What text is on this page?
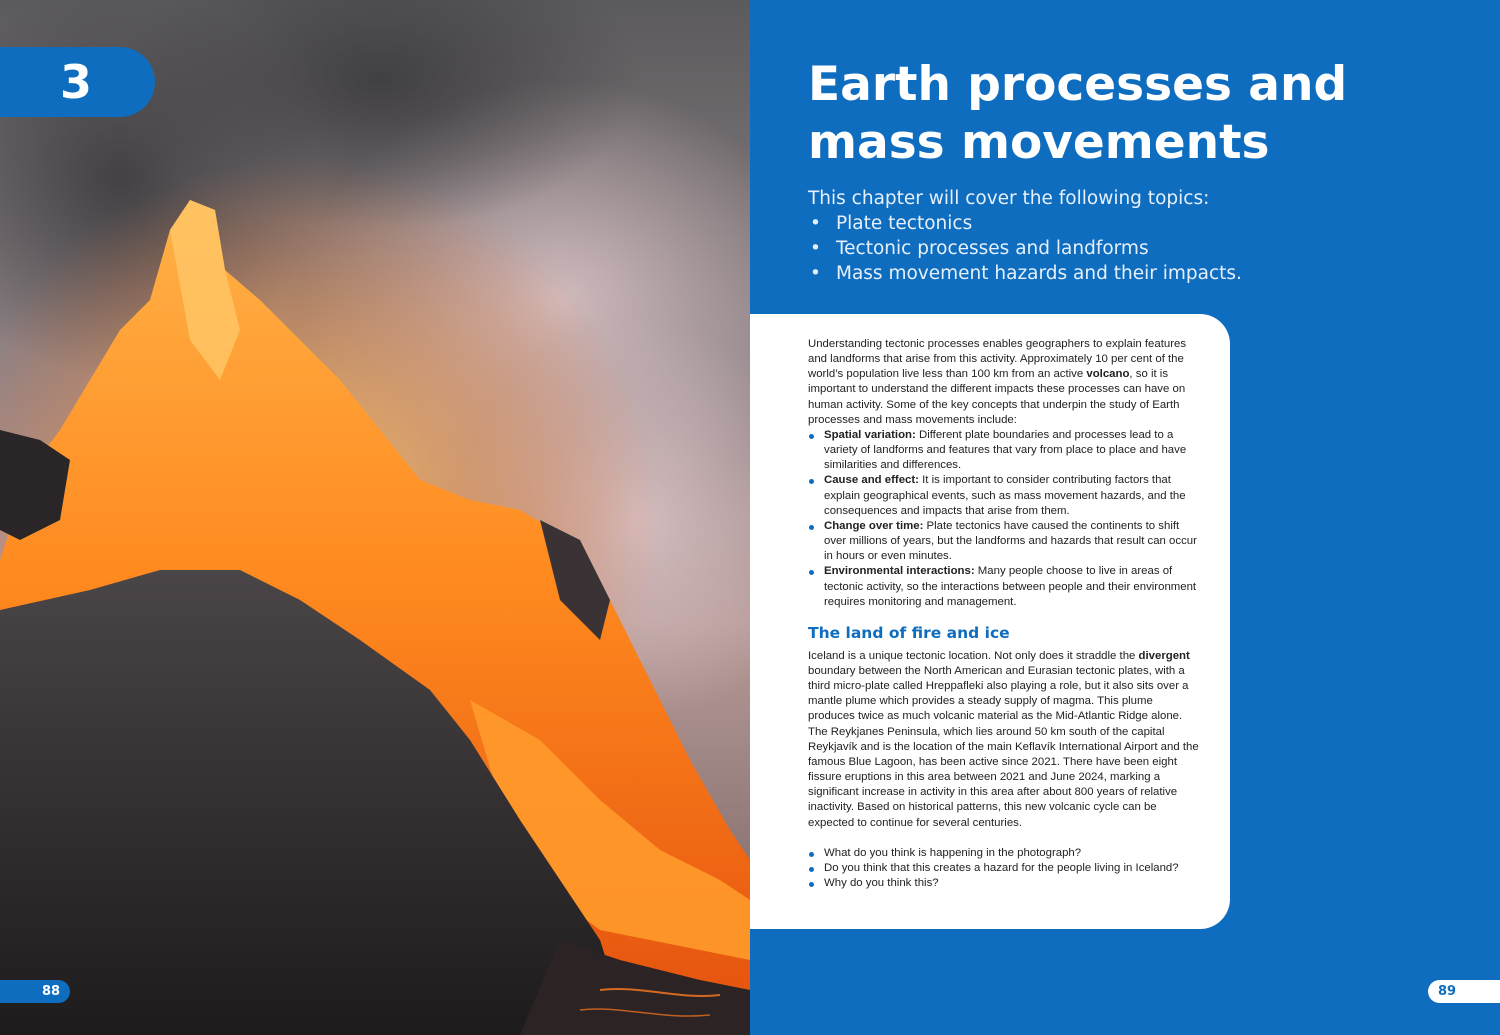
3
88
Earth processes and mass movements

This chapter will cover the following topics:

• Plate tectonics
• Tectonic processes and landforms
• Mass movement hazards and their impacts.

Understanding tectonic processes enables geographers to explain features and landforms that arise from this activity. Approximately 10 per cent of the world’s population live less than 100 km from an active volcano, so it is important to understand the different impacts these processes can have on human activity. Some of the key concepts that underpin the study of Earth processes and mass movements include:

Spatial variation: Different plate boundaries and processes lead to a variety of landforms and features that vary from place to place and have similarities and differences.
Cause and effect: It is important to consider contributing factors that explain geographical events, such as mass movement hazards, and the consequences and impacts that arise from them.
Change over time: Plate tectonics have caused the continents to shift over millions of years, but the landforms and hazards that result can occur in hours or even minutes.
Environmental interactions: Many people choose to live in areas of tectonic activity, so the interactions between people and their environment requires monitoring and management.
The land of fire and ice

Iceland is a unique tectonic location. Not only does it straddle the divergent boundary between the North American and Eurasian tectonic plates, with a third micro-plate called Hreppafleki also playing a role, but it also sits over a mantle plume which provides a steady supply of magma. This plume produces twice as much volcanic material as the Mid-Atlantic Ridge alone. The Reykjanes Peninsula, which lies around 50 km south of the capital Reykjavík and is the location of the main Keflavík International Airport and the famous Blue Lagoon, has been active since 2021. There have been eight fissure eruptions in this area between 2021 and June 2024, marking a significant increase in activity in this area after about 800 years of relative inactivity. Based on historical patterns, this new volcanic cycle can be expected to continue for several centuries.

What do you think is happening in the photograph?
Do you think that this creates a hazard for the people living in Iceland?
Why do you think this?
89
